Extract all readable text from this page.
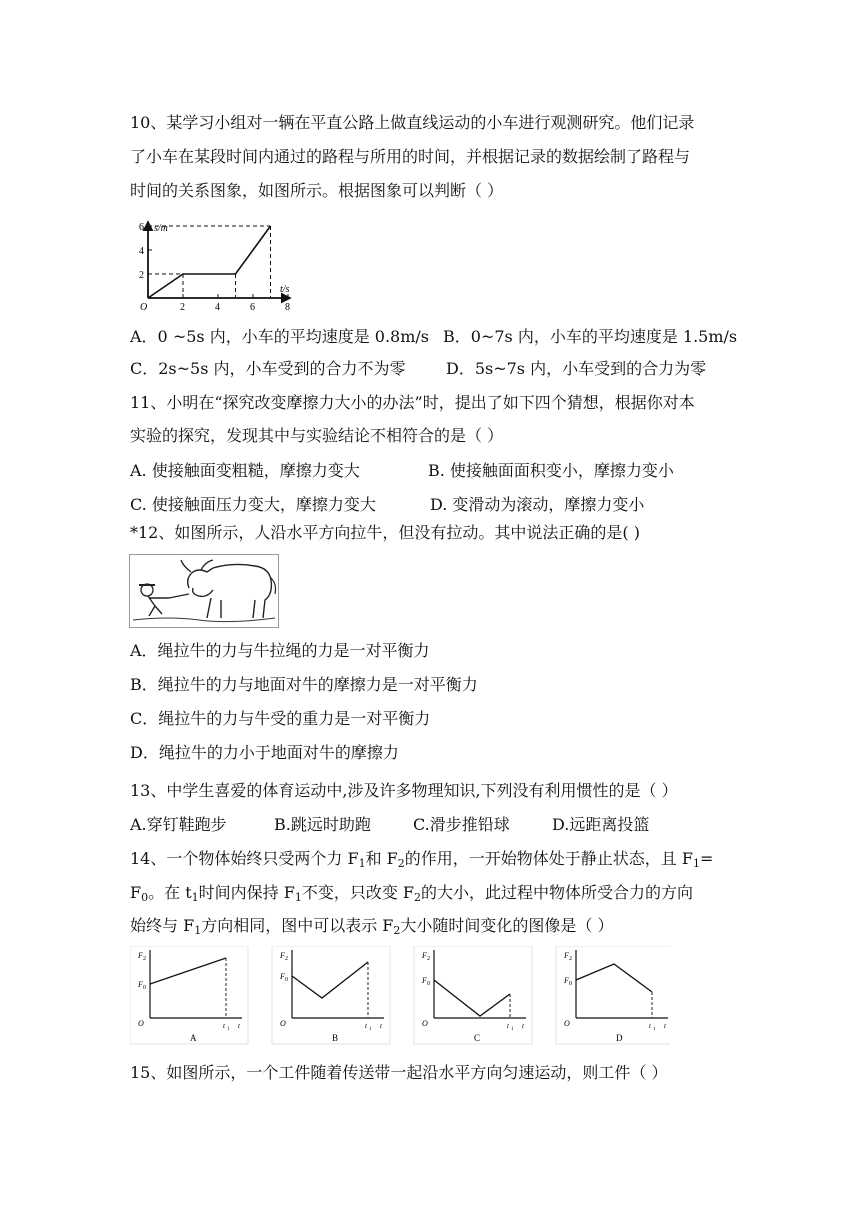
10、某学习小组对一辆在平直公路上做直线运动的小车进行观测研究。他们记录
了小车在某段时间内通过的路程与所用的时间，并根据记录的数据绘制了路程与
时间的关系图象，如图所示。根据图象可以判断（ ）
s/m
t/s
O
2
4
6
2	4	6	8
A．0 ~5s 内，小车的平均速度是 0.8m/s B．0~7s 内，小车的平均速度是 1.5m/s
C．2s~5s 内，小车受到的合力不为零	D．5s~7s 内，小车受到的合力为零
11、小明在“探究改变摩擦力大小的办法”时，提出了如下四个猜想，根据你对本
实验的探究，发现其中与实验结论不相符合的是（ ）
A. 使接触面变粗糙，摩擦力变大	B. 使接触面面积变小，摩擦力变小
C. 使接触面压力变大，摩擦力变大	D. 变滑动为滚动，摩擦力变小
*12、如图所示，人沿水平方向拉牛，但没有拉动。其中说法正确的是( )
A．绳拉牛的力与牛拉绳的力是一对平衡力
B．绳拉牛的力与地面对牛的摩擦力是一对平衡力
C．绳拉牛的力与牛受的重力是一对平衡力
D．绳拉牛的力小于地面对牛的摩擦力
13、中学生喜爱的体育运动中,涉及许多物理知识,下列没有利用惯性的是（ ）
A.穿钉鞋跑步	B.跳远时助跑	C.滑步推铅球	D.远距离投篮
14、一个物体始终只受两个力 $F_1$和 $F_2$的作用，一开始物体处于静止状态，且 $F_1=$
$F_0$。在 $t_1$时间内保持 $F_1$不变，只改变 $F_2$的大小，此过程中物体所受合力的方向
始终与 $F_1$方向相同，图中可以表示 $F_2$大小随时间变化的图像是（ ）
F 2
F 0
O	t 1 t
A
F 2
F 0
O	t 1 t
B
F 2
F 0
O	t 1 t
C
F 2
F 0
O	t 1 t
D
15、如图所示，一个工件随着传送带一起沿水平方向匀速运动，则工件（ ）
